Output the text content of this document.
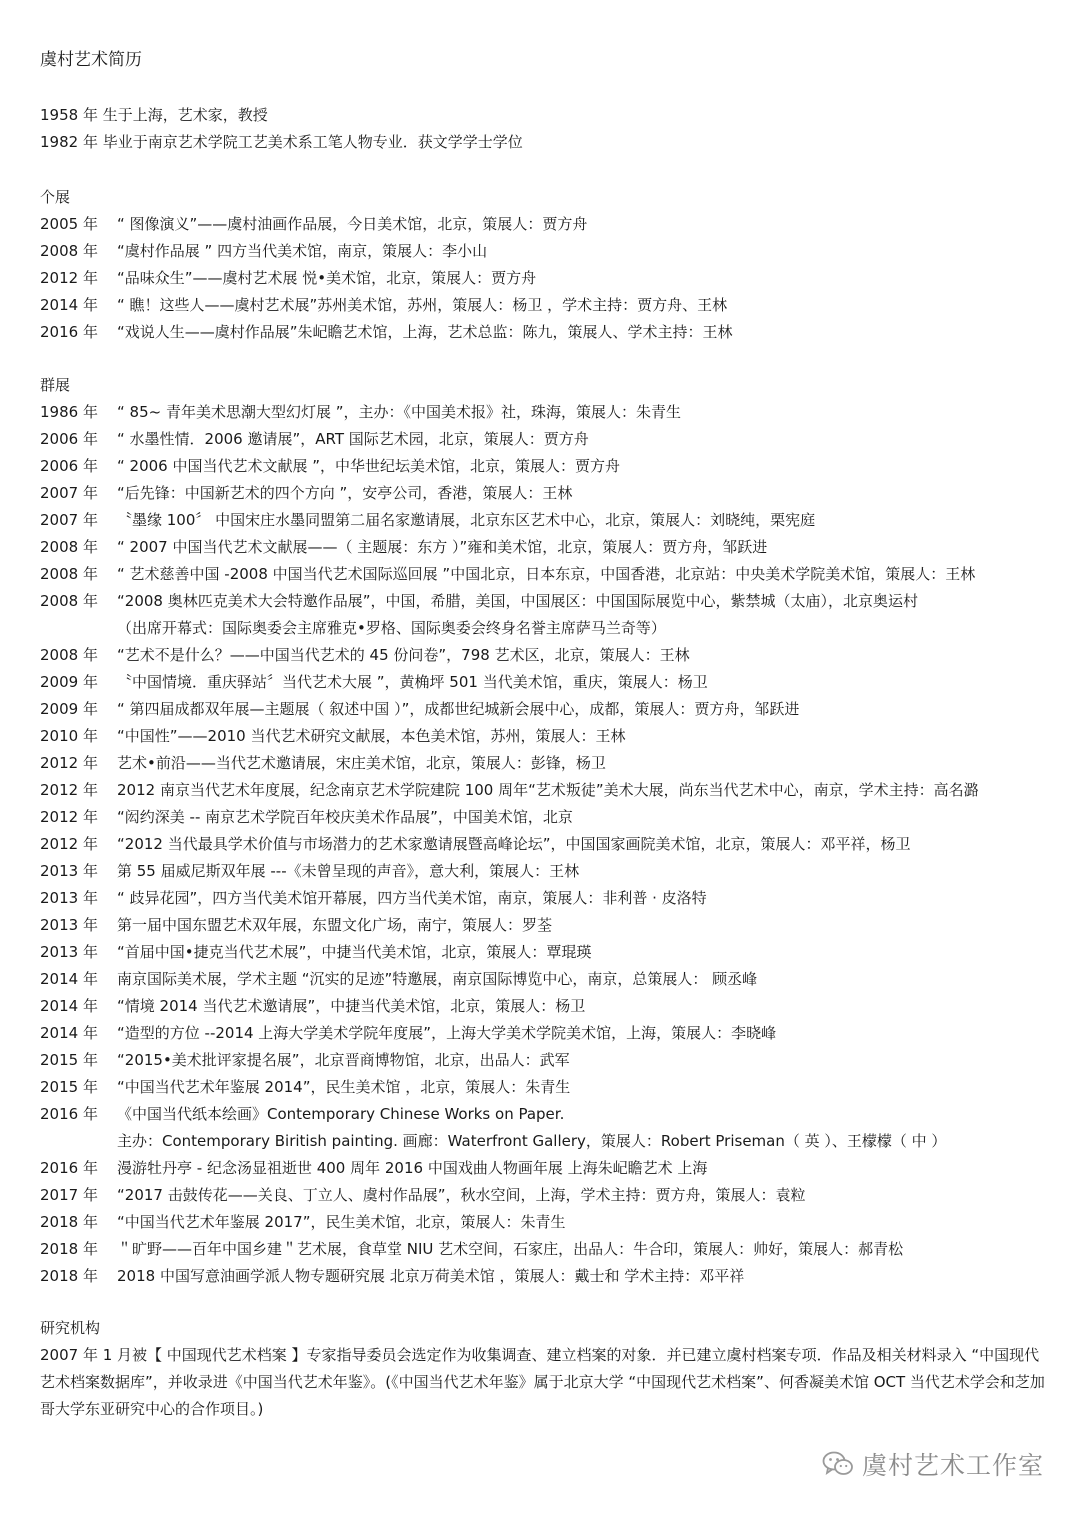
虞村艺术简历
1958 年 生于上海，艺术家，教授
1982 年 毕业于南京艺术学院工艺美术系工笔人物专业．获文学学士学位
个展
2005 年	“ 图像演义”——虞村油画作品展，今日美术馆，北京，策展人：贾方舟
2008 年	“虞村作品展 ” 四方当代美术馆，南京，策展人：李小山
2012 年	“品味众生”——虞村艺术展 悦•美术馆，北京，策展人：贾方舟
2014 年	“ 瞧！这些人——虞村艺术展”苏州美术馆，苏州，策展人：杨卫 ，学术主持：贾方舟、王林
2016 年	“戏说人生——虞村作品展”朱屺瞻艺术馆，上海，艺术总监：陈九，策展人、学术主持：王林
群展
1986 年	“ 85~ 青年美术思潮大型幻灯展 ”，主办：《中国美术报》社，珠海，策展人：朱青生
2006 年	“ 水墨性情．2006 邀请展”，ART 国际艺术园，北京，策展人：贾方舟
2006 年	“ 2006 中国当代艺术文献展 ”，中华世纪坛美术馆，北京，策展人：贾方舟
2007 年	“后先锋：中国新艺术的四个方向 ”，安亭公司，香港，策展人：王林
2007 年	〝墨缘 100〞 中国宋庄水墨同盟第二届名家邀请展，北京东区艺术中心，北京，策展人：刘晓纯，栗宪庭
2008 年	“ 2007 中国当代艺术文献展——（ 主题展：东方 ）”雍和美术馆，北京，策展人：贾方舟，邹跃进
2008 年	“ 艺术慈善中国 -2008 中国当代艺术国际巡回展 ”中国北京，日本东京，中国香港，北京站：中央美术学院美术馆，策展人：王林
2008 年	“2008 奥林匹克美术大会特邀作品展”，中国，希腊，美国，中国展区：中国国际展览中心，紫禁城（太庙），北京奥运村
（出席开幕式：国际奥委会主席雅克•罗格、国际奥委会终身名誉主席萨马兰奇等）
2008 年	“艺术不是什么？——中国当代艺术的 45 份问卷”，798 艺术区，北京，策展人：王林
2009 年	〝中国情境．重庆驿站〞当代艺术大展 ”，黄桷坪 501 当代美术馆，重庆，策展人：杨卫
2009 年	“ 第四届成都双年展—主题展（ 叙述中国 ）”，成都世纪城新会展中心，成都，策展人：贾方舟，邹跃进
2010 年	“中国性”——2010 当代艺术研究文献展，本色美术馆，苏州，策展人：王林
2012 年	艺术•前沿——当代艺术邀请展，宋庄美术馆，北京，策展人：彭锋，杨卫
2012 年	2012 南京当代艺术年度展，纪念南京艺术学院建院 100 周年“艺术叛徒”美术大展，尚东当代艺术中心，南京，学术主持：高名潞
2012 年	“闳约深美 -- 南京艺术学院百年校庆美术作品展”，中国美术馆，北京
2012 年	“2012 当代最具学术价值与市场潜力的艺术家邀请展暨高峰论坛”，中国国家画院美术馆，北京，策展人：邓平祥，杨卫
2013 年	第 55 届威尼斯双年展 ---《未曾呈现的声音》，意大利，策展人：王林
2013 年	“ 歧异花园”，四方当代美术馆开幕展，四方当代美术馆，南京，策展人：非利普 · 皮洛特
2013 年	第一届中国东盟艺术双年展，东盟文化广场，南宁，策展人：罗荃
2013 年	“首届中国•捷克当代艺术展”，中捷当代美术馆，北京，策展人：覃琨瑛
2014 年	南京国际美术展，学术主题 “沉实的足迹”特邀展，南京国际博览中心，南京，总策展人： 顾丞峰
2014 年	“情境 2014 当代艺术邀请展”，中捷当代美术馆，北京，策展人：杨卫
2014 年	“造型的方位 --2014 上海大学美术学院年度展”，上海大学美术学院美术馆，上海，策展人：李晓峰
2015 年	“2015•美术批评家提名展”，北京晋商博物馆，北京，出品人：武军
2015 年	“中国当代艺术年鉴展 2014”，民生美术馆 ，北京，策展人：朱青生
2016 年	《中国当代纸本绘画》Contemporary Chinese Works on Paper.
主办：Contemporary Biritish painting. 画廊：Waterfront Gallery，策展人：Robert Priseman（ 英 ）、王檬檬（ 中 ）
2016 年	漫游牡丹亭 - 纪念汤显祖逝世 400 周年 2016 中国戏曲人物画年展 上海朱屺瞻艺术 上海
2017 年	“2017 击鼓传花——关良、丁立人、虞村作品展”，秋水空间，上海，学术主持：贾方舟，策展人：袁粒
2018 年	“中国当代艺术年鉴展 2017”，民生美术馆，北京，策展人：朱青生
2018 年	＂旷野——百年中国乡建＂艺术展，食草堂 NIU 艺术空间，石家庄，出品人：牛合印，策展人：帅好，策展人：郝青松
2018 年	2018 中国写意油画学派人物专题研究展 北京万荷美术馆 ，策展人：戴士和 学术主持：邓平祥
研究机构
2007 年 1 月被【 中国现代艺术档案 】专家指导委员会选定作为收集调查、建立档案的对象．并已建立虞村档案专项．作品及相关材料录入 “中国现代艺术档案数据库”，并收录进《中国当代艺术年鉴》。(《中国当代艺术年鉴》属于北京大学 “中国现代艺术档案”、何香凝美术馆 OCT 当代艺术学会和芝加哥大学东亚研究中心的合作项目。)
虞村艺术工作室
